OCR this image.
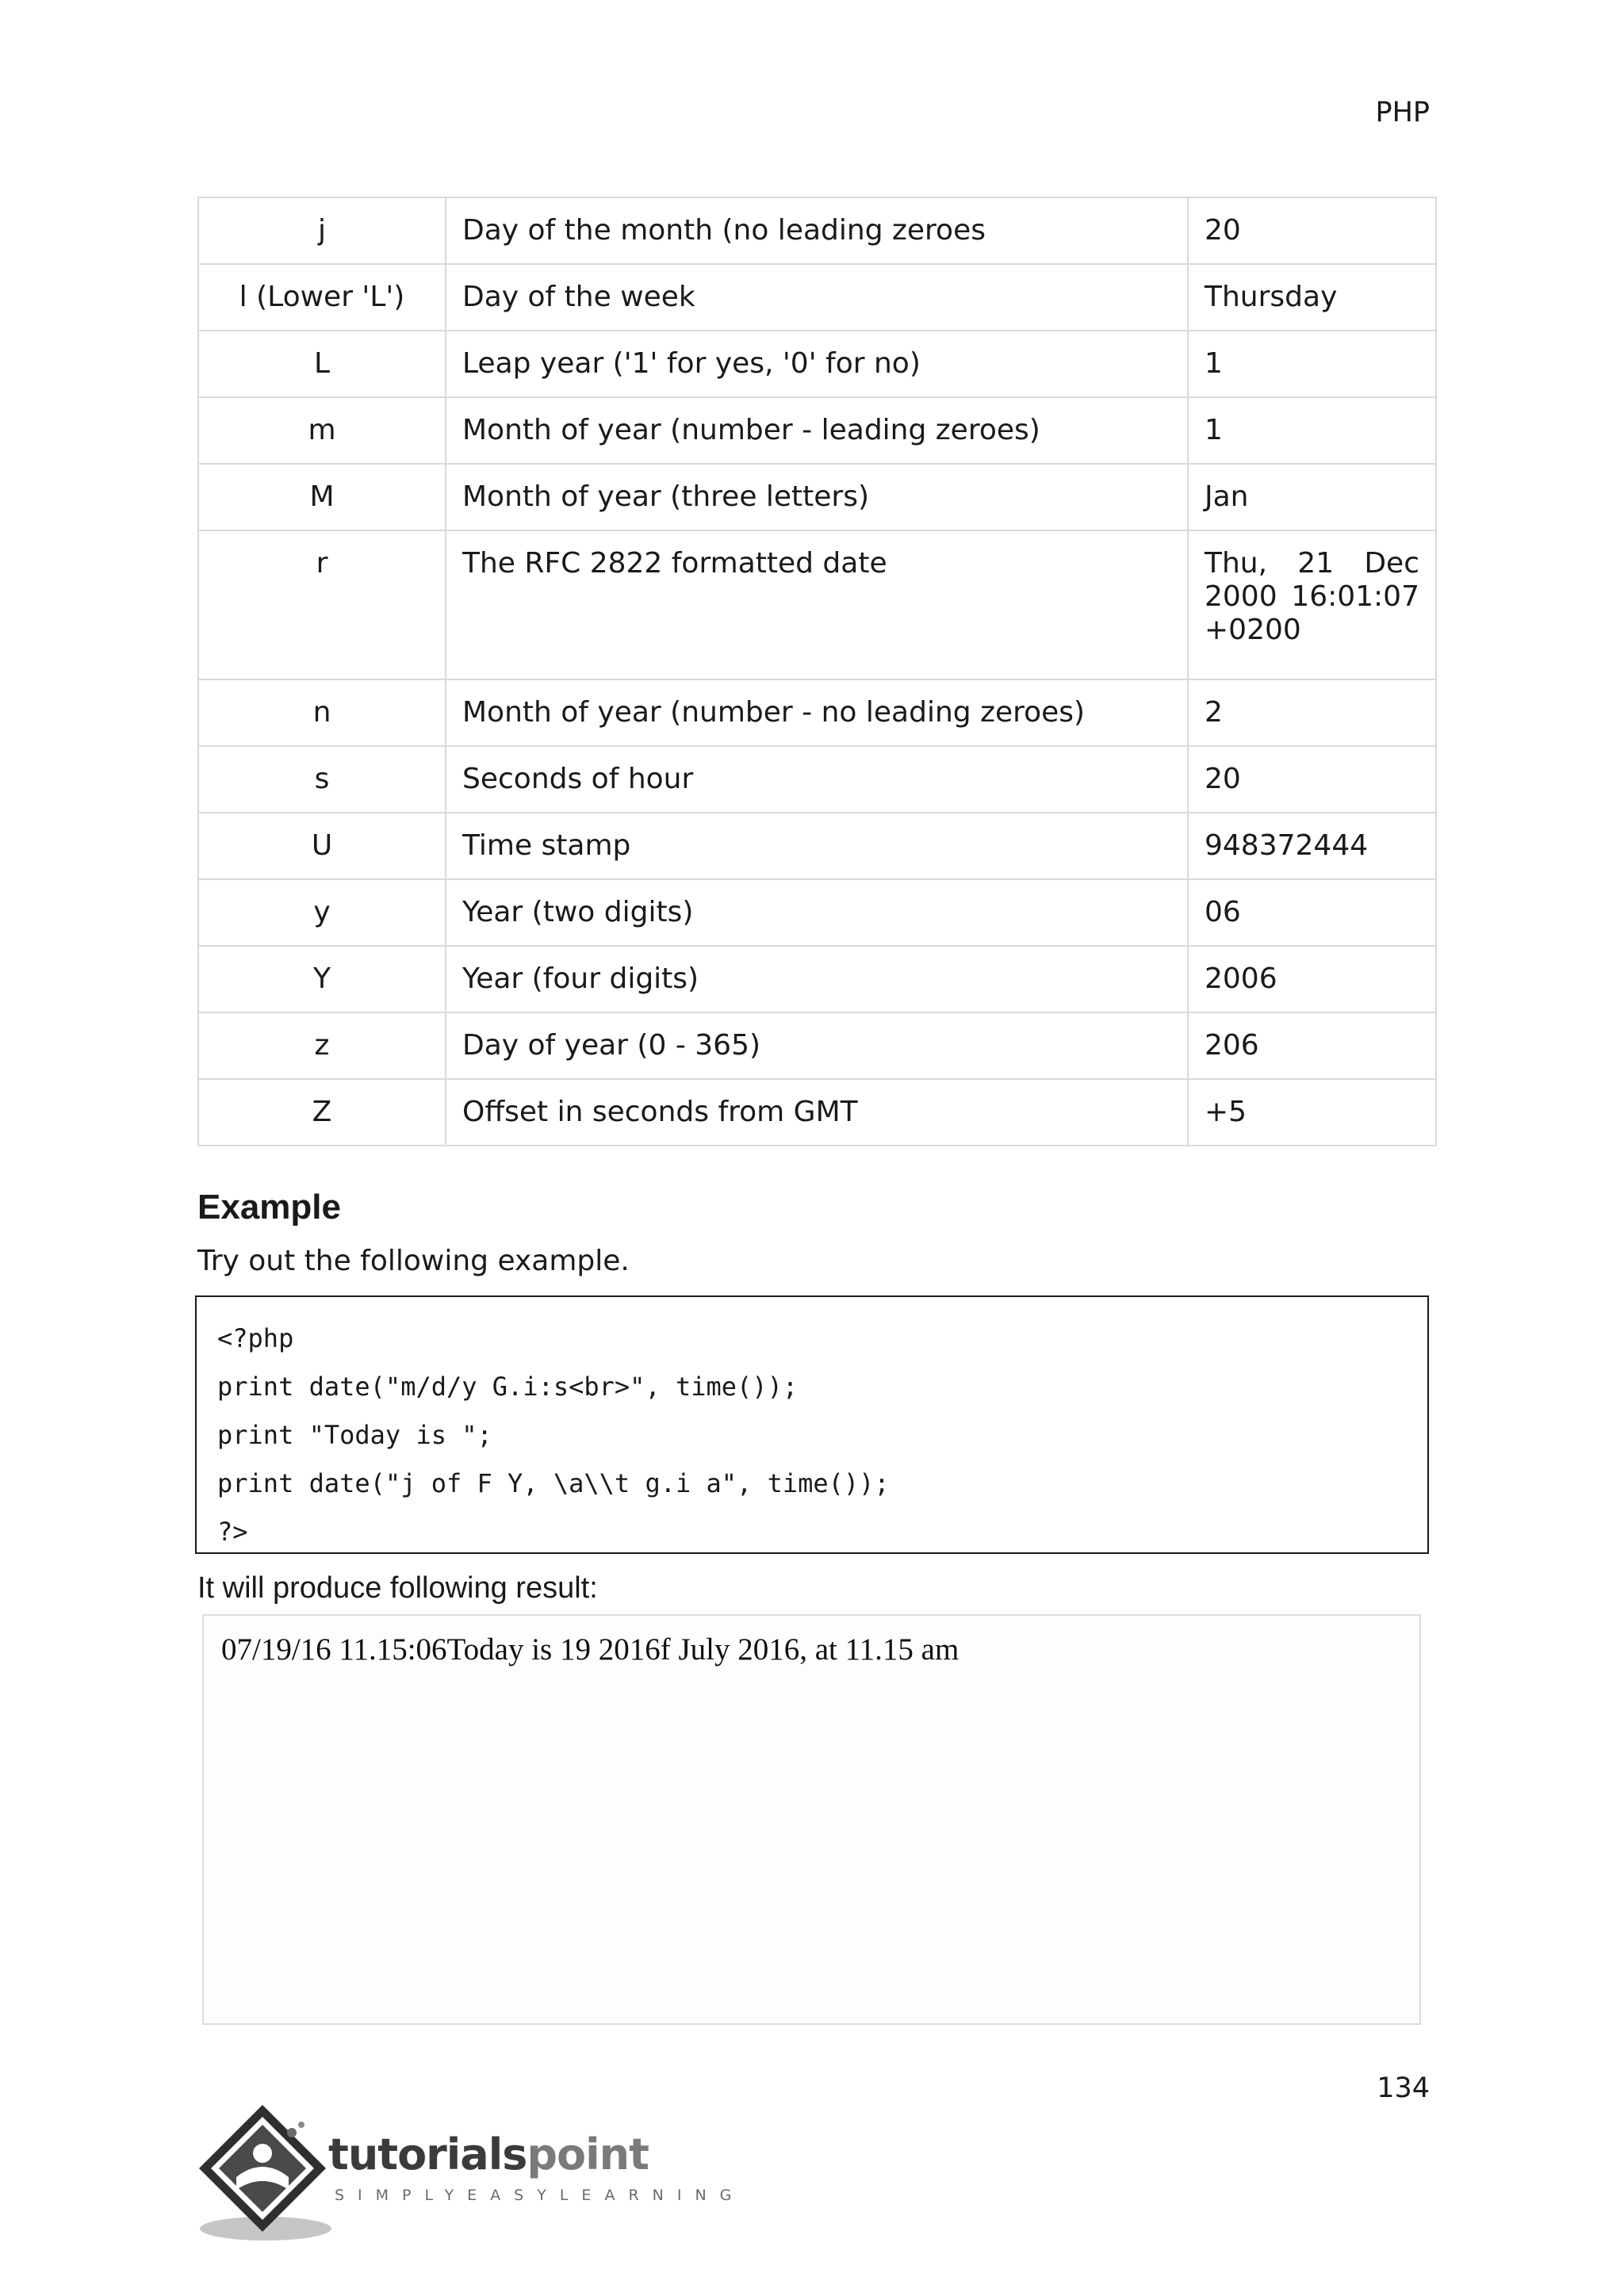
PHP
j	Day of the month (no leading zeroes	20
l (Lower 'L')	Day of the week	Thursday
L	Leap year ('1' for yes, '0' for no)	1
m	Month of year (number - leading zeroes)	1
M	Month of year (three letters)	Jan
r	The RFC 2822 formatted date	Thu, 21 Dec 2000 16:01:07 +0200
n	Month of year (number - no leading zeroes)	2
s	Seconds of hour	20
U	Time stamp	948372444
y	Year (two digits)	06
Y	Year (four digits)	2006
z	Day of year (0 - 365)	206
Z	Offset in seconds from GMT	+5
Example

Try out the following example.

<?php
print date("m/d/y G.i:s<br>", time());
print "Today is ";
print date("j of F Y, \a\\t g.i a", time());
?>

It will produce following result:

07/19/16 11.15:06Today is 19 2016f July 2016, at 11.15 am
134
tutorialspoint
SIMPLYEASYLEARNING
